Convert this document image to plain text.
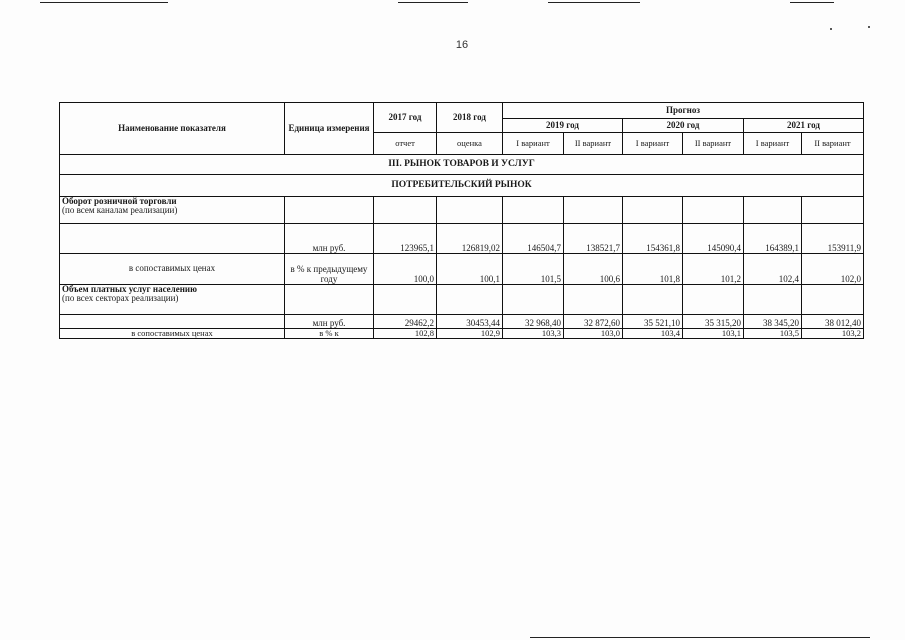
16
Наименование показателя	Единица измерения	2017 год	2018 год	Прогноз					
				2019 год		2020 год		2021 год	
		отчет	оценка	I вариант	II вариант	I вариант	II вариант	I вариант	II вариант
III. РЫНОК ТОВАРОВ И УСЛУГ									
ПОТРЕБИТЕЛЬСКИЙ РЫНОК									

Оборот розничной торговли
(по всем каналам реализации)									

	млн руб.	123965,1	126819,02	146504,7	138521,7	154361,8	145090,4	164389,1	153911,9
в сопоставимых ценах	в % к предыдущему году	100,0	100,1	101,5	100,6	101,8	101,2	102,4	102,0

Объем платных услуг населению
(по всех секторах реализации)									

	млн руб.	29462,2	30453,44	32 968,40	32 872,60	35 521,10	35 315,20	38 345,20	38 012,40
в сопоставимых ценах	в % к	102,8	102,9	103,3	103,0	103,4	103,1	103,5	103,2
